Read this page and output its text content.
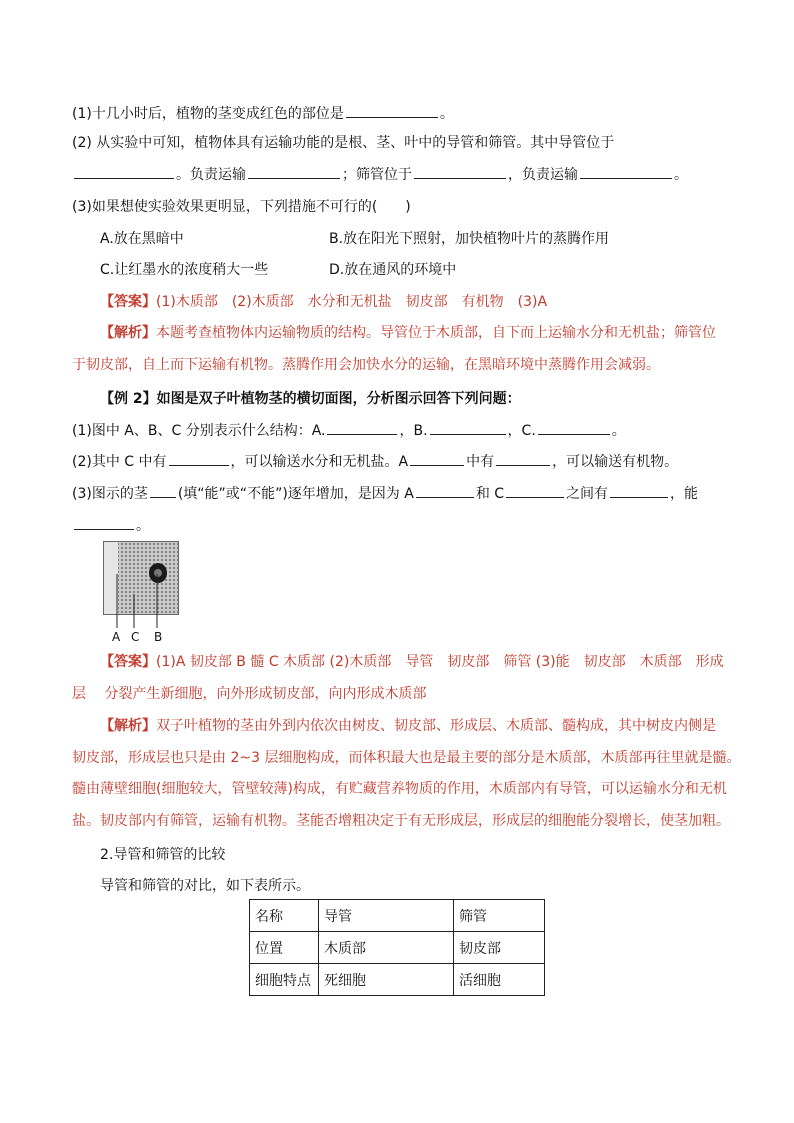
(1)十几小时后，植物的茎变成红色的部位是	。
(2) 从实验中可知，植物体具有运输功能的是根、茎、叶中的导管和筛管。其中导管位于
。负责运输	；筛管位于	，负责运输	。
(3)如果想使实验效果更明显，下列措施不可行的(　　)
A.放在黑暗中	B.放在阳光下照射，加快植物叶片的蒸腾作用
C.让红墨水的浓度稍大一些	D.放在通风的环境中
【答案】(1)木质部　(2)木质部　水分和无机盐　韧皮部　有机物　(3)A
【解析】本题考查植物体内运输物质的结构。导管位于木质部，自下而上运输水分和无机盐；筛管位
于韧皮部，自上而下运输有机物。蒸腾作用会加快水分的运输，在黑暗环境中蒸腾作用会减弱。
【例 2】如图是双子叶植物茎的横切面图，分析图示回答下列问题：
(1)图中 A、B、C 分别表示什么结构：A.	，B.	，C.	。
(2)其中 C 中有	，可以输送水分和无机盐。A	中有	，可以输送有机物。
(3)图示的茎 (填“能”或“不能”)逐年增加，是因为 A	和 C	之间有	，能
。
A C B
【答案】(1)A 韧皮部 B 髓 C 木质部 (2)木质部　导管　韧皮部　筛管 (3)能　韧皮部　木质部　形成
层　 分裂产生新细胞，向外形成韧皮部，向内形成木质部
【解析】双子叶植物的茎由外到内依次由树皮、韧皮部、形成层、木质部、髓构成，其中树皮内侧是
韧皮部，形成层也只是由 2~3 层细胞构成，而体积最大也是最主要的部分是木质部，木质部再往里就是髓。
髓由薄壁细胞(细胞较大，管壁较薄)构成，有贮藏营养物质的作用，木质部内有导管，可以运输水分和无机
盐。韧皮部内有筛管，运输有机物。茎能否增粗决定于有无形成层，形成层的细胞能分裂增长，使茎加粗。
2.导管和筛管的比较
导管和筛管的对比，如下表所示。
名称	导管	筛管
位置	木质部	韧皮部
细胞特点	死细胞	活细胞
